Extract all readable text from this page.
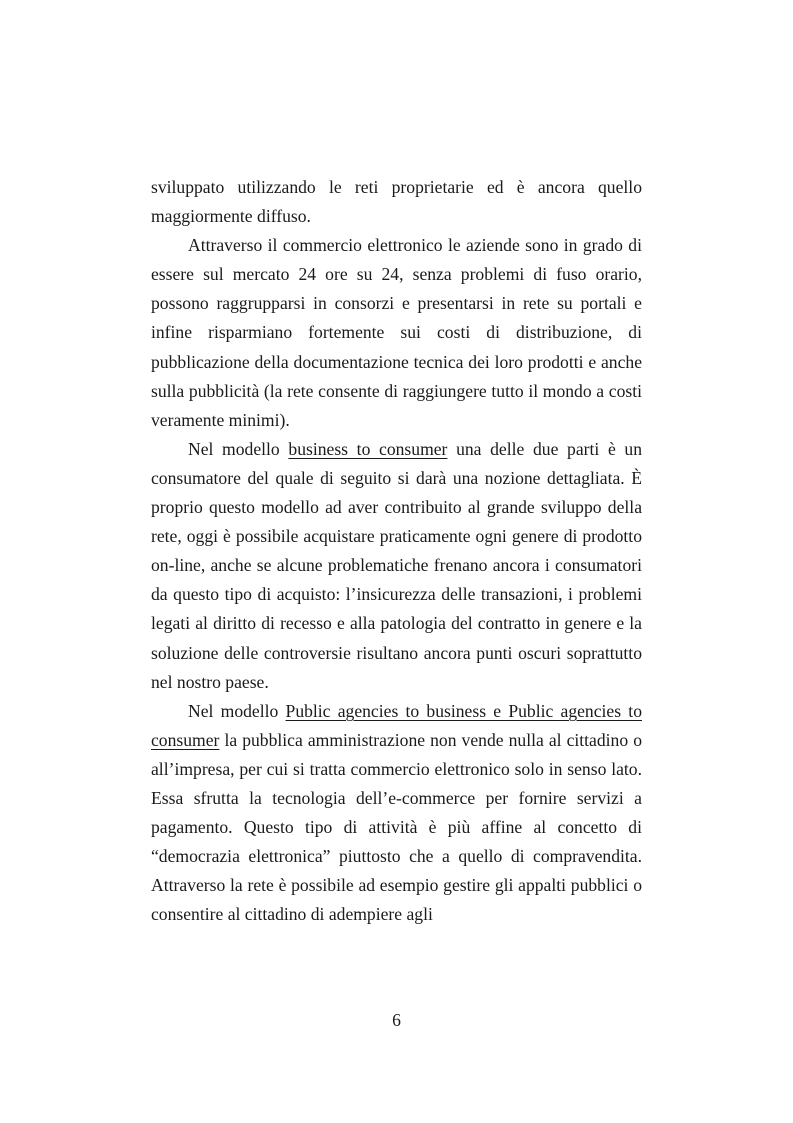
sviluppato utilizzando le reti proprietarie ed è ancora quello maggiormente diffuso.

Attraverso il commercio elettronico le aziende sono in grado di essere sul mercato 24 ore su 24, senza problemi di fuso orario, possono raggrupparsi in consorzi e presentarsi in rete su portali e infine risparmiano fortemente sui costi di distribuzione, di pubblicazione della documentazione tecnica dei loro prodotti e anche sulla pubblicità (la rete consente di raggiungere tutto il mondo a costi veramente minimi).

Nel modello business to consumer una delle due parti è un consumatore del quale di seguito si darà una nozione dettagliata. È proprio questo modello ad aver contribuito al grande sviluppo della rete, oggi è possibile acquistare praticamente ogni genere di prodotto on-line, anche se alcune problematiche frenano ancora i consumatori da questo tipo di acquisto: l’insicurezza delle transazioni, i problemi legati al diritto di recesso e alla patologia del contratto in genere e la soluzione delle controversie risultano ancora punti oscuri soprattutto nel nostro paese.

Nel modello Public agencies to business e Public agencies to consumer la pubblica amministrazione non vende nulla al cittadino o all’impresa, per cui si tratta commercio elettronico solo in senso lato. Essa sfrutta la tecnologia dell’e-commerce per fornire servizi a pagamento. Questo tipo di attività è più affine al concetto di “democrazia elettronica” piuttosto che a quello di compravendita. Attraverso la rete è possibile ad esempio gestire gli appalti pubblici o consentire al cittadino di adempiere agli

6
